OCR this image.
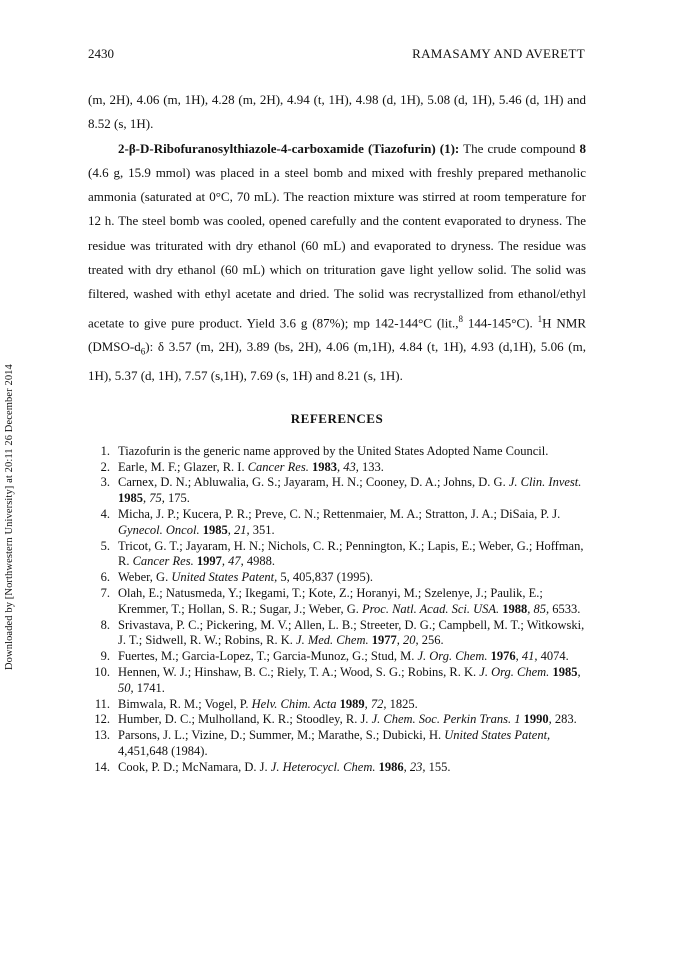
Downloaded by [Northwestern University] at 20:11 26 December 2014
2430	RAMASAMY AND AVERETT

(m, 2H), 4.06 (m, 1H), 4.28 (m, 2H), 4.94 (t, 1H), 4.98 (d, 1H), 5.08 (d, 1H), 5.46 (d, 1H) and 8.52 (s, 1H).

2-β-D-Ribofuranosylthiazole-4-carboxamide (Tiazofurin) (1): The crude compound 8 (4.6 g, 15.9 mmol) was placed in a steel bomb and mixed with freshly prepared methanolic ammonia (saturated at 0°C, 70 mL). The reaction mixture was stirred at room temperature for 12 h. The steel bomb was cooled, opened carefully and the content evaporated to dryness. The residue was triturated with dry ethanol (60 mL) and evaporated to dryness. The residue was treated with dry ethanol (60 mL) which on trituration gave light yellow solid. The solid was filtered, washed with ethyl acetate and dried. The solid was recrystallized from ethanol/ethyl acetate to give pure product. Yield 3.6 g (87%); mp 142-144°C (lit.,$^8$ 144-145°C). $^1$H NMR $(DMSO-d_6)$: δ 3.57 (m, 2H), 3.89 (bs, 2H), 4.06 (m,1H), 4.84 (t, 1H), 4.93 (d,1H), 5.06 (m, 1H), 5.37 (d, 1H), 7.57 (s,1H), 7.69 (s, 1H) and 8.21 (s, 1H).

REFERENCES
1. Tiazofurin is the generic name approved by the United States Adopted Name Council.
2. Earle, M. F.; Glazer, R. I. Cancer Res. 1983, 43, 133.
3. Carnex, D. N.; Abluwalia, G. S.; Jayaram, H. N.; Cooney, D. A.; Johns, D. G. J. Clin. Invest. 1985, 75, 175.
4. Micha, J. P.; Kucera, P. R.; Preve, C. N.; Rettenmaier, M. A.; Stratton, J. A.; DiSaia, P. J. Gynecol. Oncol. 1985, 21, 351.
5. Tricot, G. T.; Jayaram, H. N.; Nichols, C. R.; Pennington, K.; Lapis, E.; Weber, G.; Hoffman, R. Cancer Res. 1997, 47, 4988.
6. Weber, G. United States Patent, 5, 405,837 (1995).
7. Olah, E.; Natusmeda, Y.; Ikegami, T.; Kote, Z.; Horanyi, M.; Szelenye, J.; Paulik, E.; Kremmer, T.; Hollan, S. R.; Sugar, J.; Weber, G. Proc. Natl. Acad. Sci. USA. 1988, 85, 6533.
8. Srivastava, P. C.; Pickering, M. V.; Allen, L. B.; Streeter, D. G.; Campbell, M. T.; Witkowski, J. T.; Sidwell, R. W.; Robins, R. K. J. Med. Chem. 1977, 20, 256.
9. Fuertes, M.; Garcia-Lopez, T.; Garcia-Munoz, G.; Stud, M. J. Org. Chem. 1976, 41, 4074.
10. Hennen, W. J.; Hinshaw, B. C.; Riely, T. A.; Wood, S. G.; Robins, R. K. J. Org. Chem. 1985, 50, 1741.
11. Bimwala, R. M.; Vogel, P. Helv. Chim. Acta 1989, 72, 1825.
12. Humber, D. C.; Mulholland, K. R.; Stoodley, R. J. J. Chem. Soc. Perkin Trans. 1 1990, 283.
13. Parsons, J. L.; Vizine, D.; Summer, M.; Marathe, S.; Dubicki, H. United States Patent, 4,451,648 (1984).
14. Cook, P. D.; McNamara, D. J. J. Heterocycl. Chem. 1986, 23, 155.
